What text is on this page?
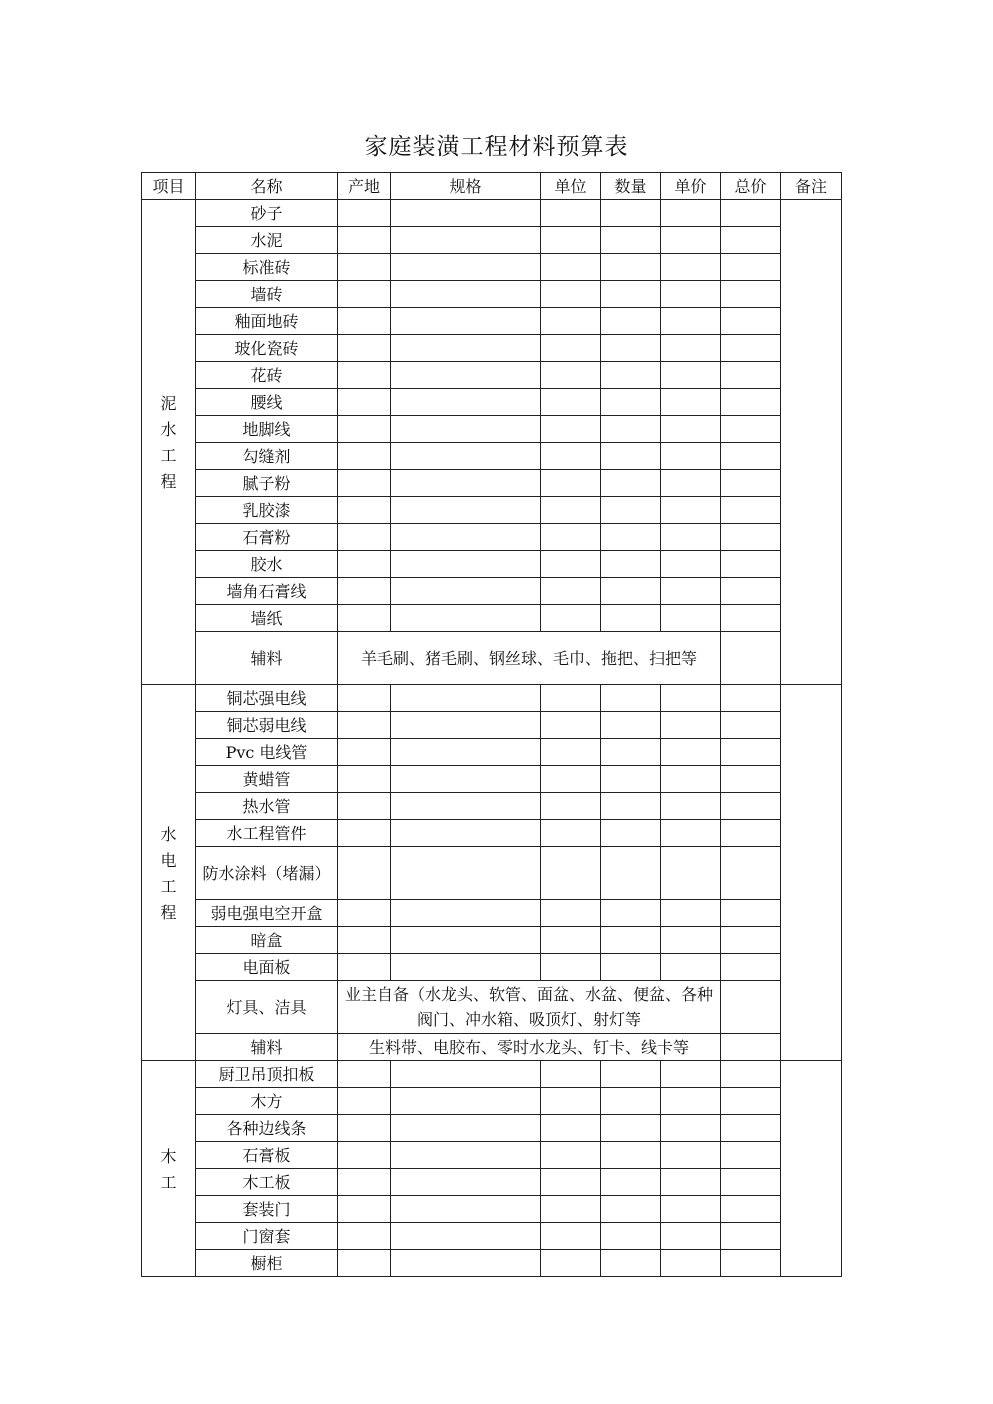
家庭装潢工程材料预算表
项目	名称	产地	规格	单位	数量	单价	总价	备注

泥水工程	砂子							
	水泥							
	标准砖							
	墙砖							
	釉面地砖							
	玻化瓷砖							
	花砖							
	腰线							
	地脚线							
	勾缝剂							
	腻子粉							
	乳胶漆							
	石膏粉							
	胶水							
	墙角石膏线							
	墙纸							
	辅料	羊毛刷、猪毛刷、钢丝球、毛巾、拖把、扫把等						

水电工程	铜芯强电线							
	铜芯弱电线							
	Pvc 电线管							
	黄蜡管							
	热水管							
	水工程管件							
	防水涂料（堵漏）							
	弱电强电空开盒							
	暗盒							
	电面板							
	灯具、洁具	业主自备（水龙头、软管、面盆、水盆、便盆、各种阀门、冲水箱、吸顶灯、射灯等						
	辅料	生料带、电胶布、零时水龙头、钉卡、线卡等						

木工	厨卫吊顶扣板							
	木方							
	各种边线条							
	石膏板							
	木工板							
	套装门							
	门窗套							
	橱柜							
